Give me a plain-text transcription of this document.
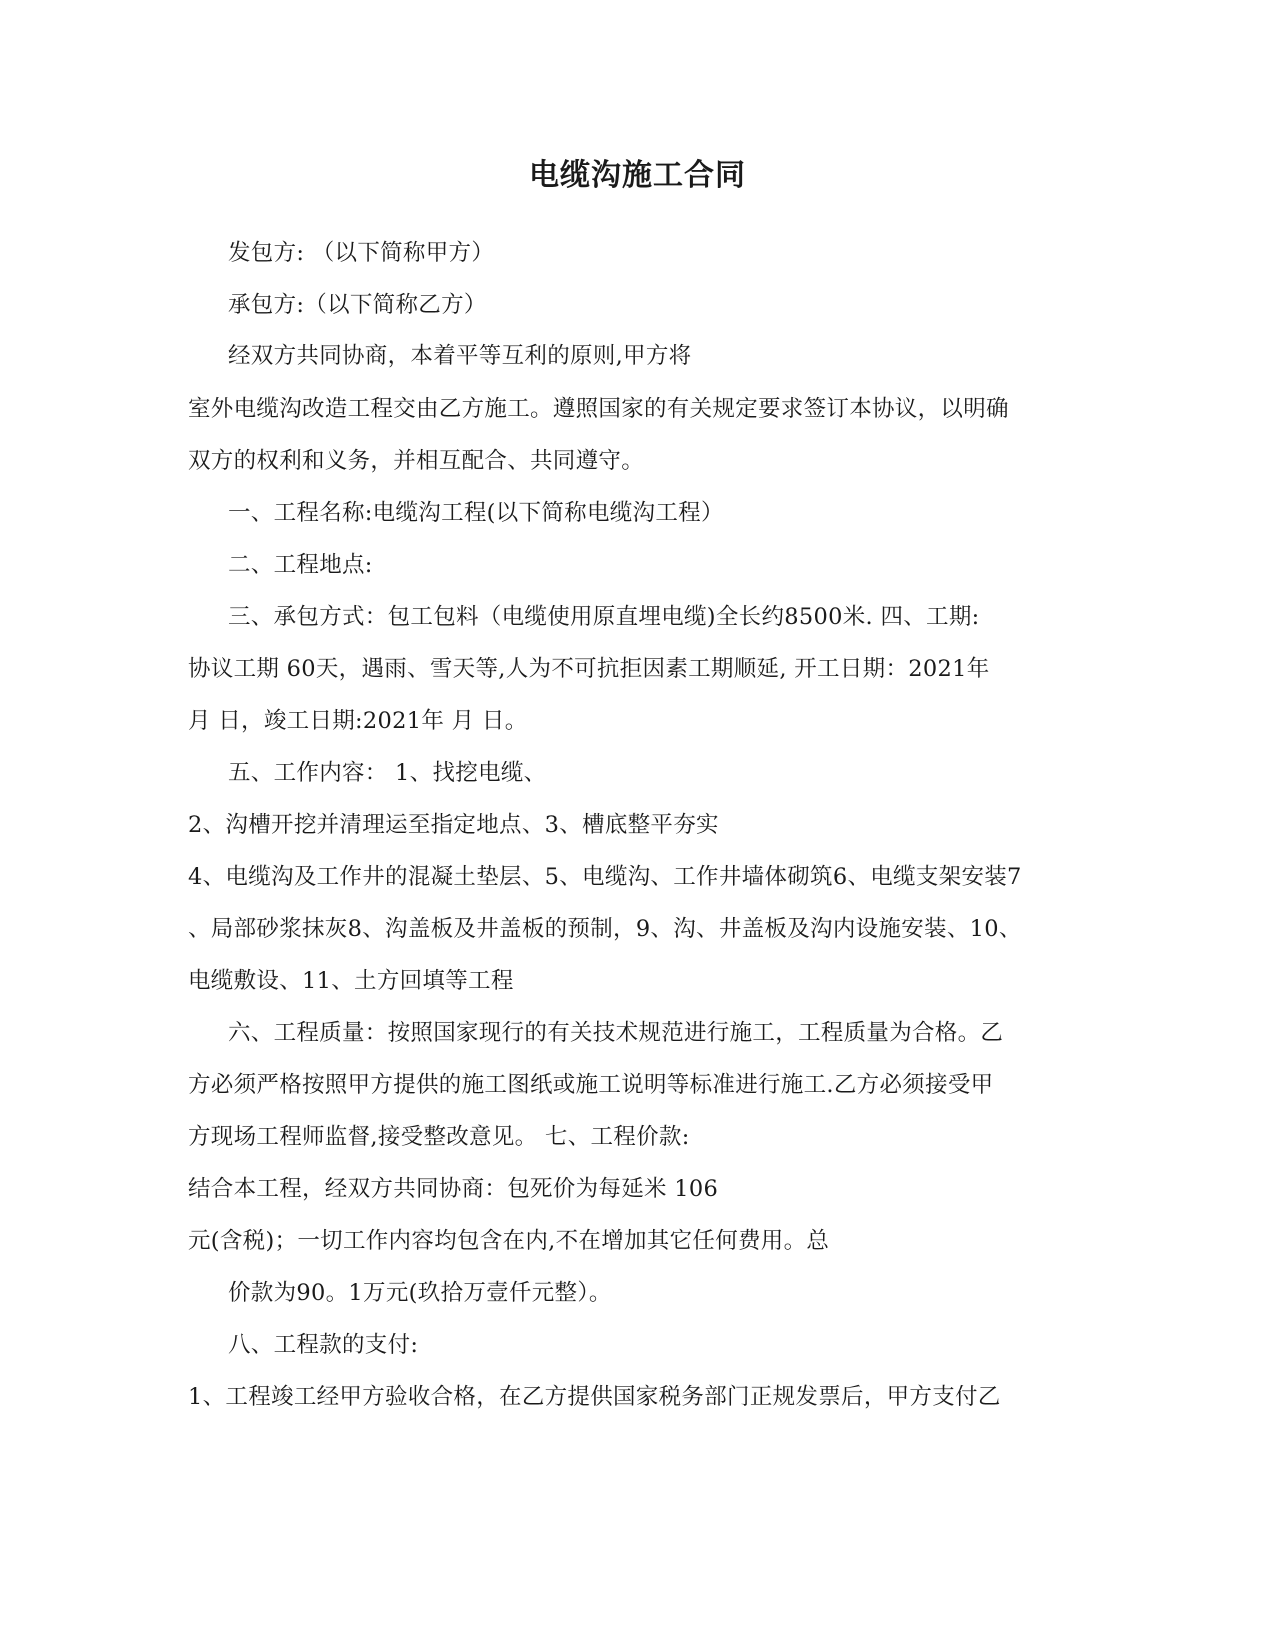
电缆沟施工合同
发包方: （以下简称甲方）
承包方:（以下简称乙方）
经双方共同协商，本着平等互利的原则,甲方将
室外电缆沟改造工程交由乙方施工。遵照国家的有关规定要求签订本协议，以明确
双方的权利和义务，并相互配合、共同遵守。
一、工程名称:电缆沟工程(以下简称电缆沟工程）
二、工程地点:
三、承包方式：包工包料（电缆使用原直埋电缆)全长约8500米. 四、工期:
协议工期 60天，遇雨、雪天等,人为不可抗拒因素工期顺延, 开工日期：2021年
月 日，竣工日期:2021年 月 日。
五、工作内容： 1、找挖电缆、
2、沟槽开挖并清理运至指定地点、3、槽底整平夯实
4、电缆沟及工作井的混凝土垫层、5、电缆沟、工作井墙体砌筑6、电缆支架安装7
、局部砂浆抹灰8、沟盖板及井盖板的预制，9、沟、井盖板及沟内设施安装、10、
电缆敷设、11、土方回填等工程
六、工程质量：按照国家现行的有关技术规范进行施工，工程质量为合格。乙
方必须严格按照甲方提供的施工图纸或施工说明等标准进行施工.乙方必须接受甲
方现场工程师监督,接受整改意见。 七、工程价款:
结合本工程，经双方共同协商：包死价为每延米 106
元(含税)；一切工作内容均包含在内,不在增加其它任何费用。总
价款为90。1万元(玖拾万壹仟元整）。
八、工程款的支付:
1、工程竣工经甲方验收合格，在乙方提供国家税务部门正规发票后，甲方支付乙
